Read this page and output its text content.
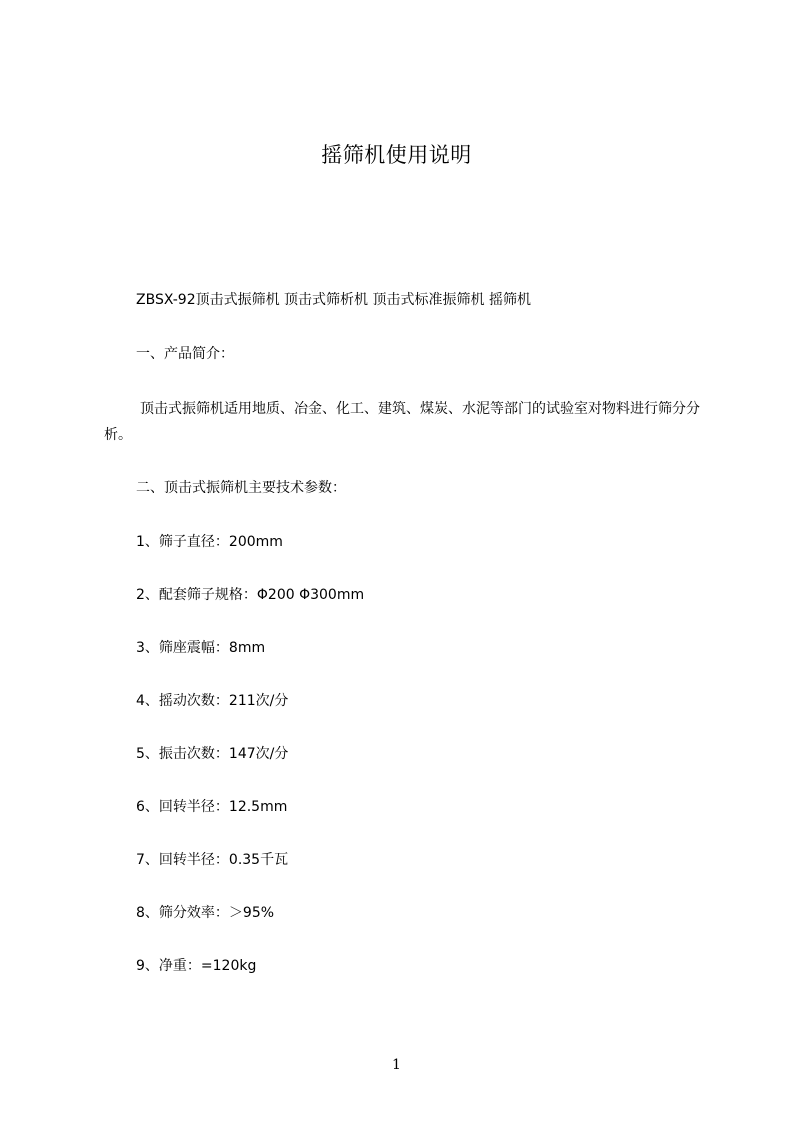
摇筛机使用说明
ZBSX-92顶击式振筛机 顶击式筛析机 顶击式标准振筛机 摇筛机
一、产品简介：
顶击式振筛机适用地质、冶金、化工、建筑、煤炭、水泥等部门的试验室对物料进行筛分分析。
二、顶击式振筛机主要技术参数：
1、筛子直径：200mm
2、配套筛子规格：Φ200 Φ300mm
3、筛座震幅：8mm
4、摇动次数：211次/分
5、振击次数：147次/分
6、回转半径：12.5mm
7、回转半径：0.35千瓦
8、筛分效率：＞95%
9、净重：=120kg
1
